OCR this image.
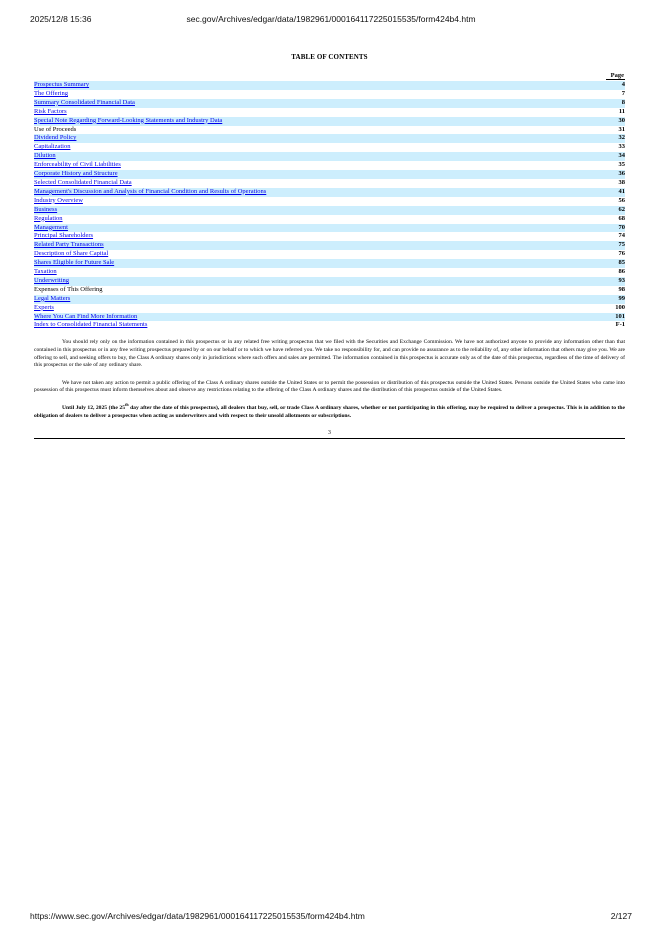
2025/12/8 15:36	sec.gov/Archives/edgar/data/1982961/000164117225015535/form424b4.htm
TABLE OF CONTENTS
	Page
Prospectus Summary	4
The Offering	7
Summary Consolidated Financial Data	8
Risk Factors	11
Special Note Regarding Forward-Looking Statements and Industry Data	30
Use of Proceeds	31
Dividend Policy	32
Capitalization	33
Dilution	34
Enforceability of Civil Liabilities	35
Corporate History and Structure	36
Selected Consolidated Financial Data	38
Management's Discussion and Analysis of Financial Condition and Results of Operations	41
Industry Overview	56
Business	62
Regulation	68
Management	70
Principal Shareholders	74
Related Party Transactions	75
Description of Share Capital	76
Shares Eligible for Future Sale	85
Taxation	86
Underwriting	93
Expenses of This Offering	98
Legal Matters	99
Experts	100
Where You Can Find More Information	101
Index to Consolidated Financial Statements	F-1

You should rely only on the information contained in this prospectus or in any related free writing prospectus that we filed with the Securities and Exchange Commission. We have not authorized anyone to provide any information other than that contained in this prospectus or in any free writing prospectus prepared by or on our behalf or to which we have referred you. We take no responsibility for, and can provide no assurance as to the reliability of, any other information that others may give you. We are offering to sell, and seeking offers to buy, the Class A ordinary shares only in jurisdictions where such offers and sales are permitted. The information contained in this prospectus is accurate only as of the date of this prospectus, regardless of the time of delivery of this prospectus or the sale of any ordinary share.

We have not taken any action to permit a public offering of the Class A ordinary shares outside the United States or to permit the possession or distribution of this prospectus outside the United States. Persons outside the United States who came into possession of this prospectus must inform themselves about and observe any restrictions relating to the offering of the Class A ordinary shares and the distribution of this prospectus outside of the United States.

Until July 12, 2025 (the 25th day after the date of this prospectus), all dealers that buy, sell, or trade Class A ordinary shares, whether or not participating in this offering, may be required to deliver a prospectus. This is in addition to the obligation of dealers to deliver a prospectus when acting as underwriters and with respect to their unsold allotments or subscriptions.

3
https://www.sec.gov/Archives/edgar/data/1982961/000164117225015535/form424b4.htm	2/127
